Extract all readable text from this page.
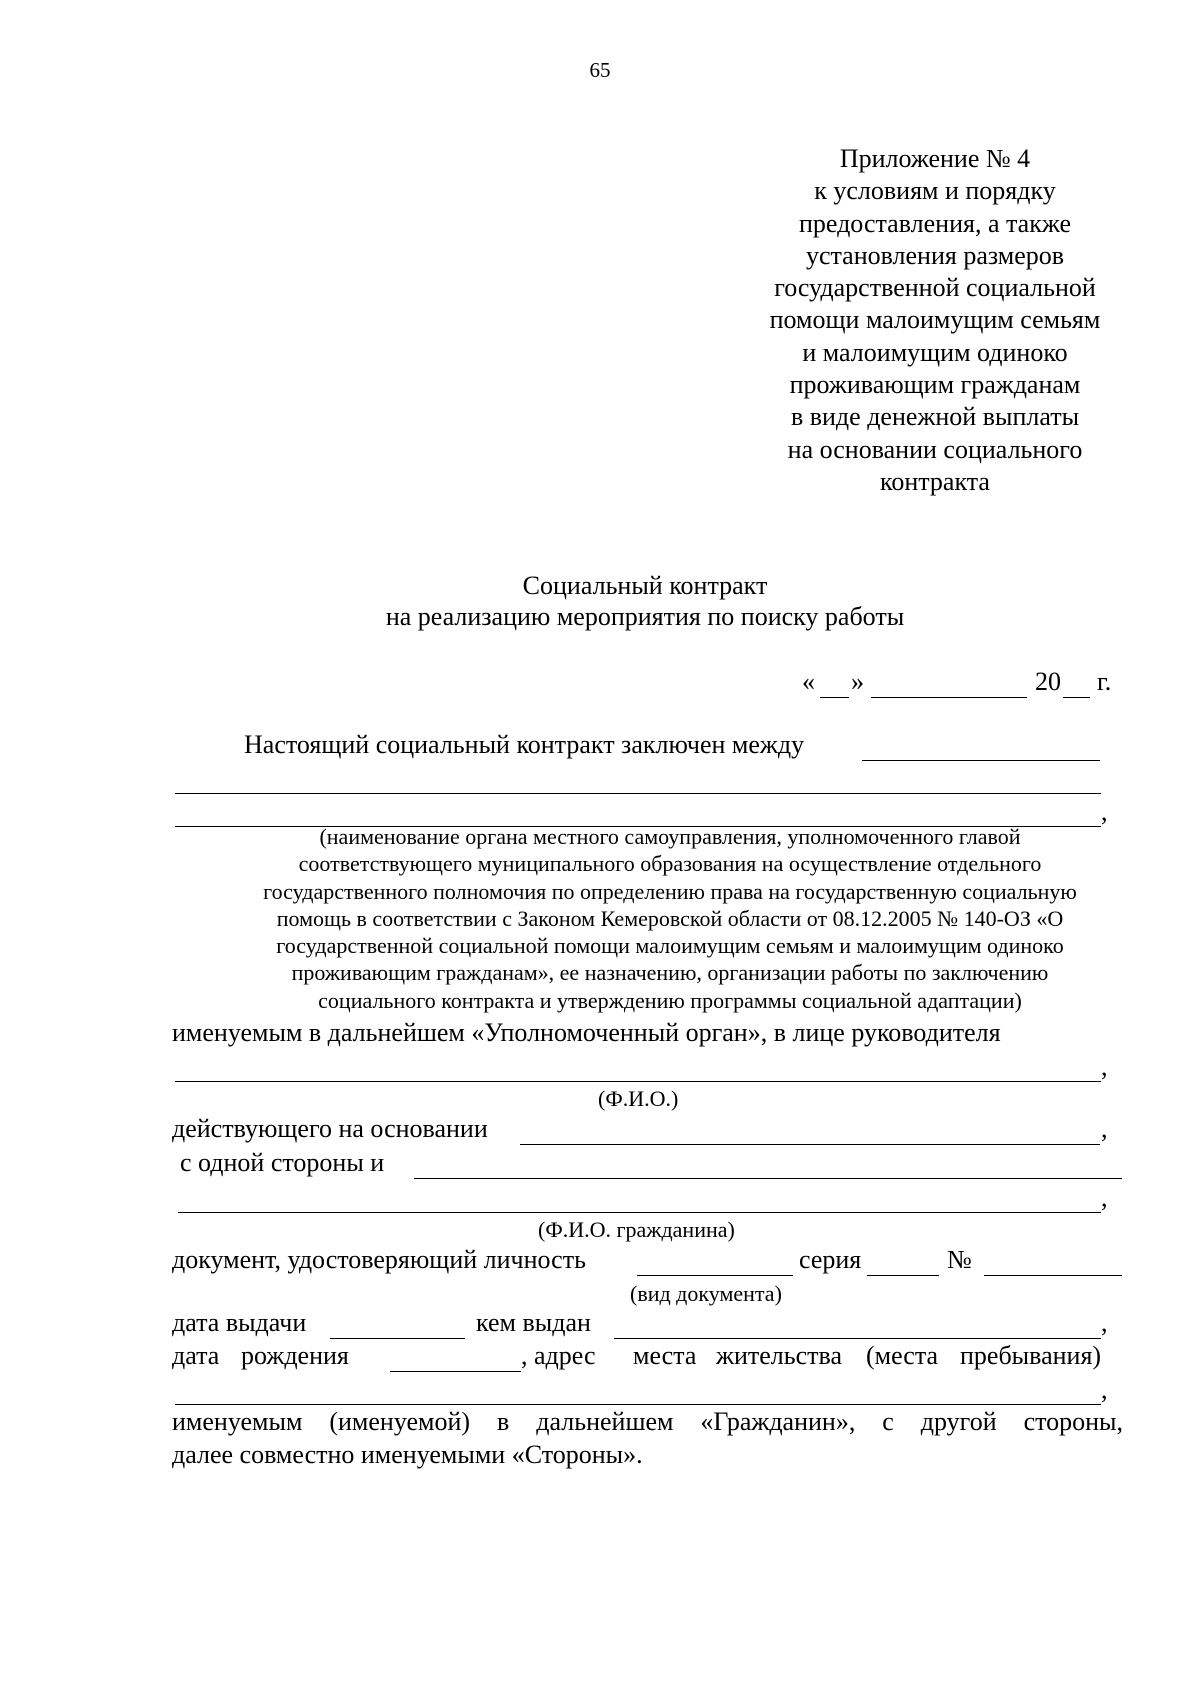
65
Приложение № 4
к условиям и порядку
предоставления, а также
установления размеров
государственной социальной
помощи малоимущим семьям
и малоимущим одиноко
проживающим гражданам
в виде денежной выплаты
на основании социального
контракта
Социальный контракт
на реализацию мероприятия по поиску работы
« »	20 г.
Настоящий социальный контракт заключен между
,
(наименование органа местного самоуправления, уполномоченного главой
соответствующего муниципального образования на осуществление отдельного
государственного полномочия по определению права на государственную социальную
помощь в соответствии с Законом Кемеровской области от 08.12.2005 № 140-ОЗ «О
государственной социальной помощи малоимущим семьям и малоимущим одиноко
проживающим гражданам», ее назначению, организации работы по заключению
социального контракта и утверждению программы социальной адаптации)
именуемым в дальнейшем «Уполномоченный орган», в лице руководителя
,
(Ф.И.О.)
действующего на основании	,
с одной стороны и
,
(Ф.И.О. гражданина)
документ, удостоверяющий личность	серия	№
(вид документа)
дата выдачи	кем выдан	,
дата рождения	, адрес места жительства (места пребывания)
,
именуемым (именуемой) в дальнейшем «Гражданин», с другой стороны,
далее совместно именуемыми «Стороны».
